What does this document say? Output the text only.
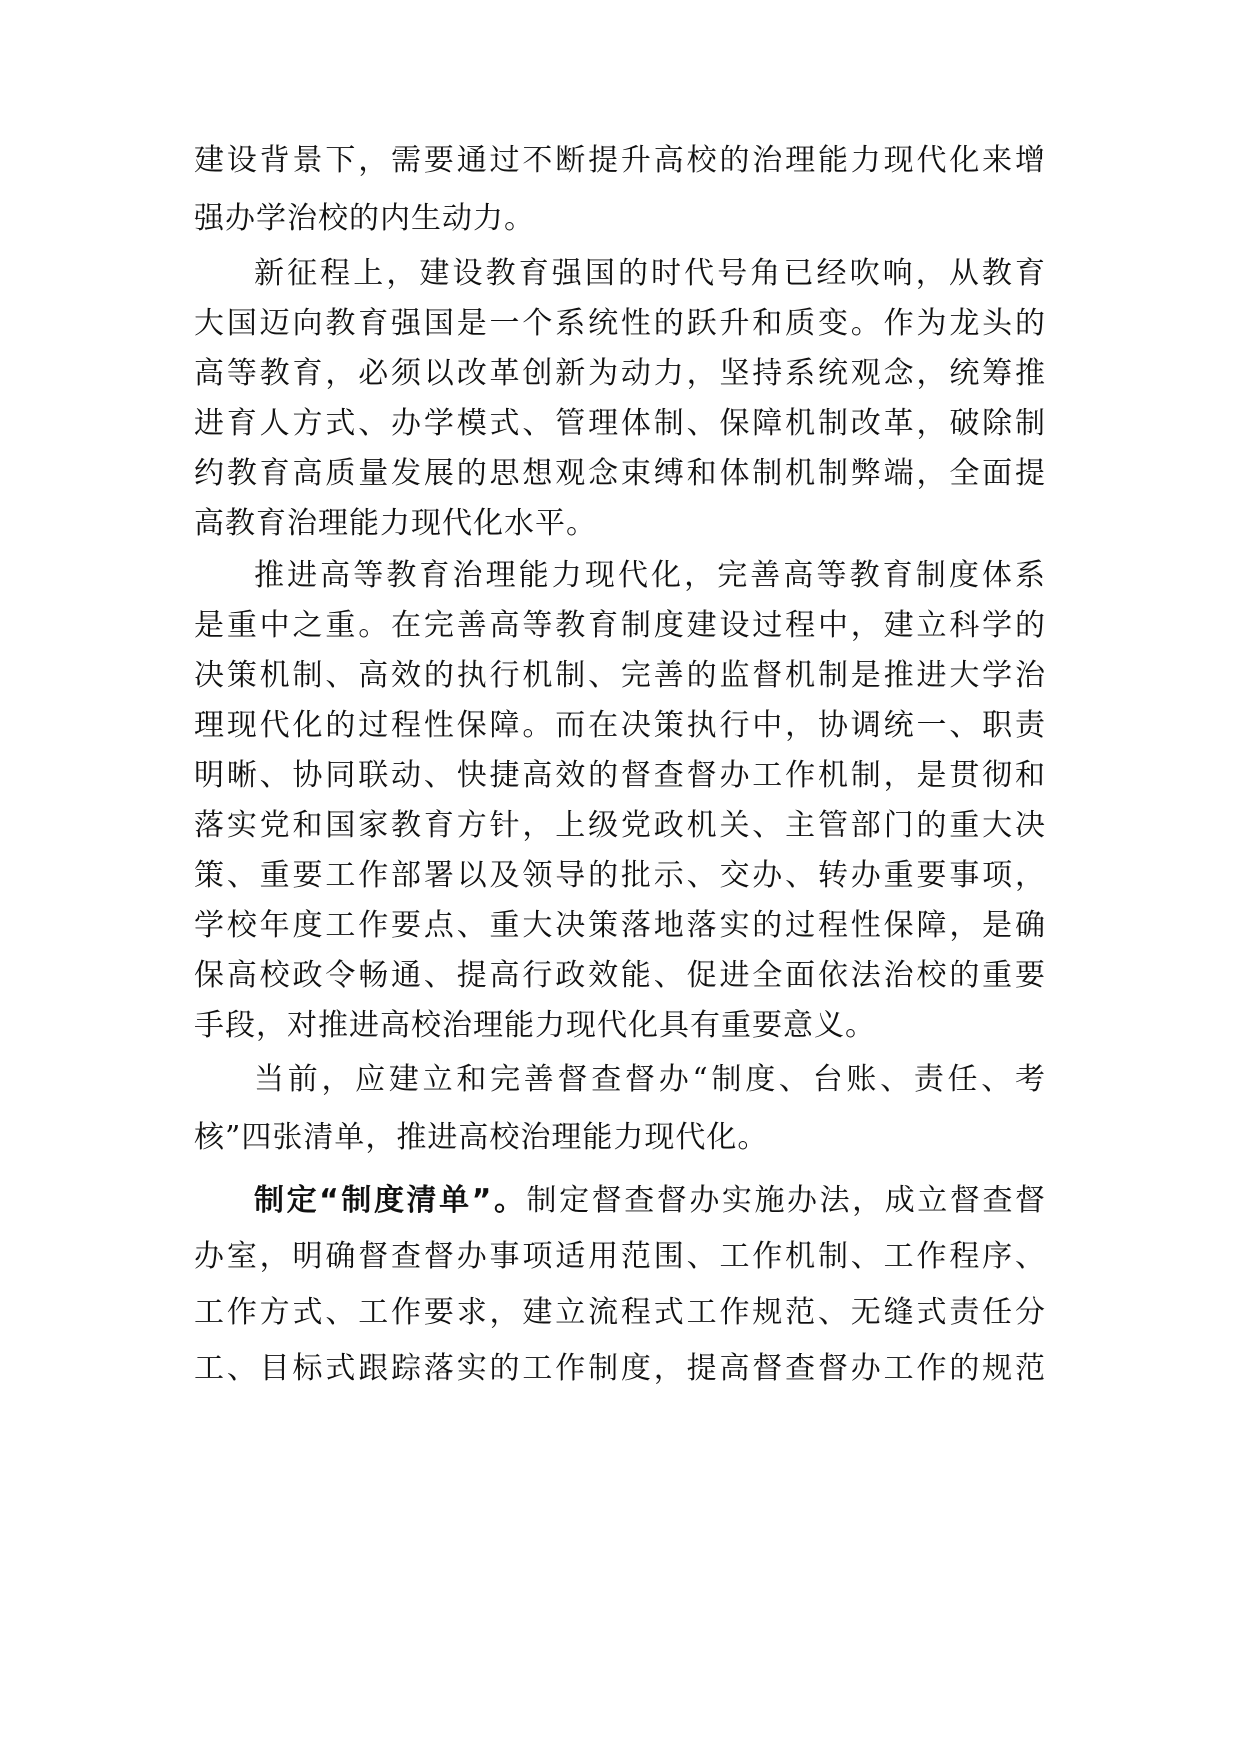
建设背景下，需要通过不断提升高校的治理能力现代化来增
强办学治校的内生动力。
新征程上，建设教育强国的时代号角已经吹响，从教育
大国迈向教育强国是一个系统性的跃升和质变。作为龙头的
高等教育，必须以改革创新为动力，坚持系统观念，统筹推
进育人方式、办学模式、管理体制、保障机制改革，破除制
约教育高质量发展的思想观念束缚和体制机制弊端，全面提
高教育治理能力现代化水平。
推进高等教育治理能力现代化，完善高等教育制度体系
是重中之重。在完善高等教育制度建设过程中，建立科学的
决策机制、高效的执行机制、完善的监督机制是推进大学治
理现代化的过程性保障。而在决策执行中，协调统一、职责
明晰、协同联动、快捷高效的督查督办工作机制，是贯彻和
落实党和国家教育方针，上级党政机关、主管部门的重大决
策、重要工作部署以及领导的批示、交办、转办重要事项，
学校年度工作要点、重大决策落地落实的过程性保障，是确
保高校政令畅通、提高行政效能、促进全面依法治校的重要
手段，对推进高校治理能力现代化具有重要意义。
当前，应建立和完善督查督办“制度、台账、责任、考
核”四张清单，推进高校治理能力现代化。
制定“制度清单”。制定督查督办实施办法，成立督查督
办室，明确督查督办事项适用范围、工作机制、工作程序、
工作方式、工作要求，建立流程式工作规范、无缝式责任分
工、目标式跟踪落实的工作制度，提高督查督办工作的规范
